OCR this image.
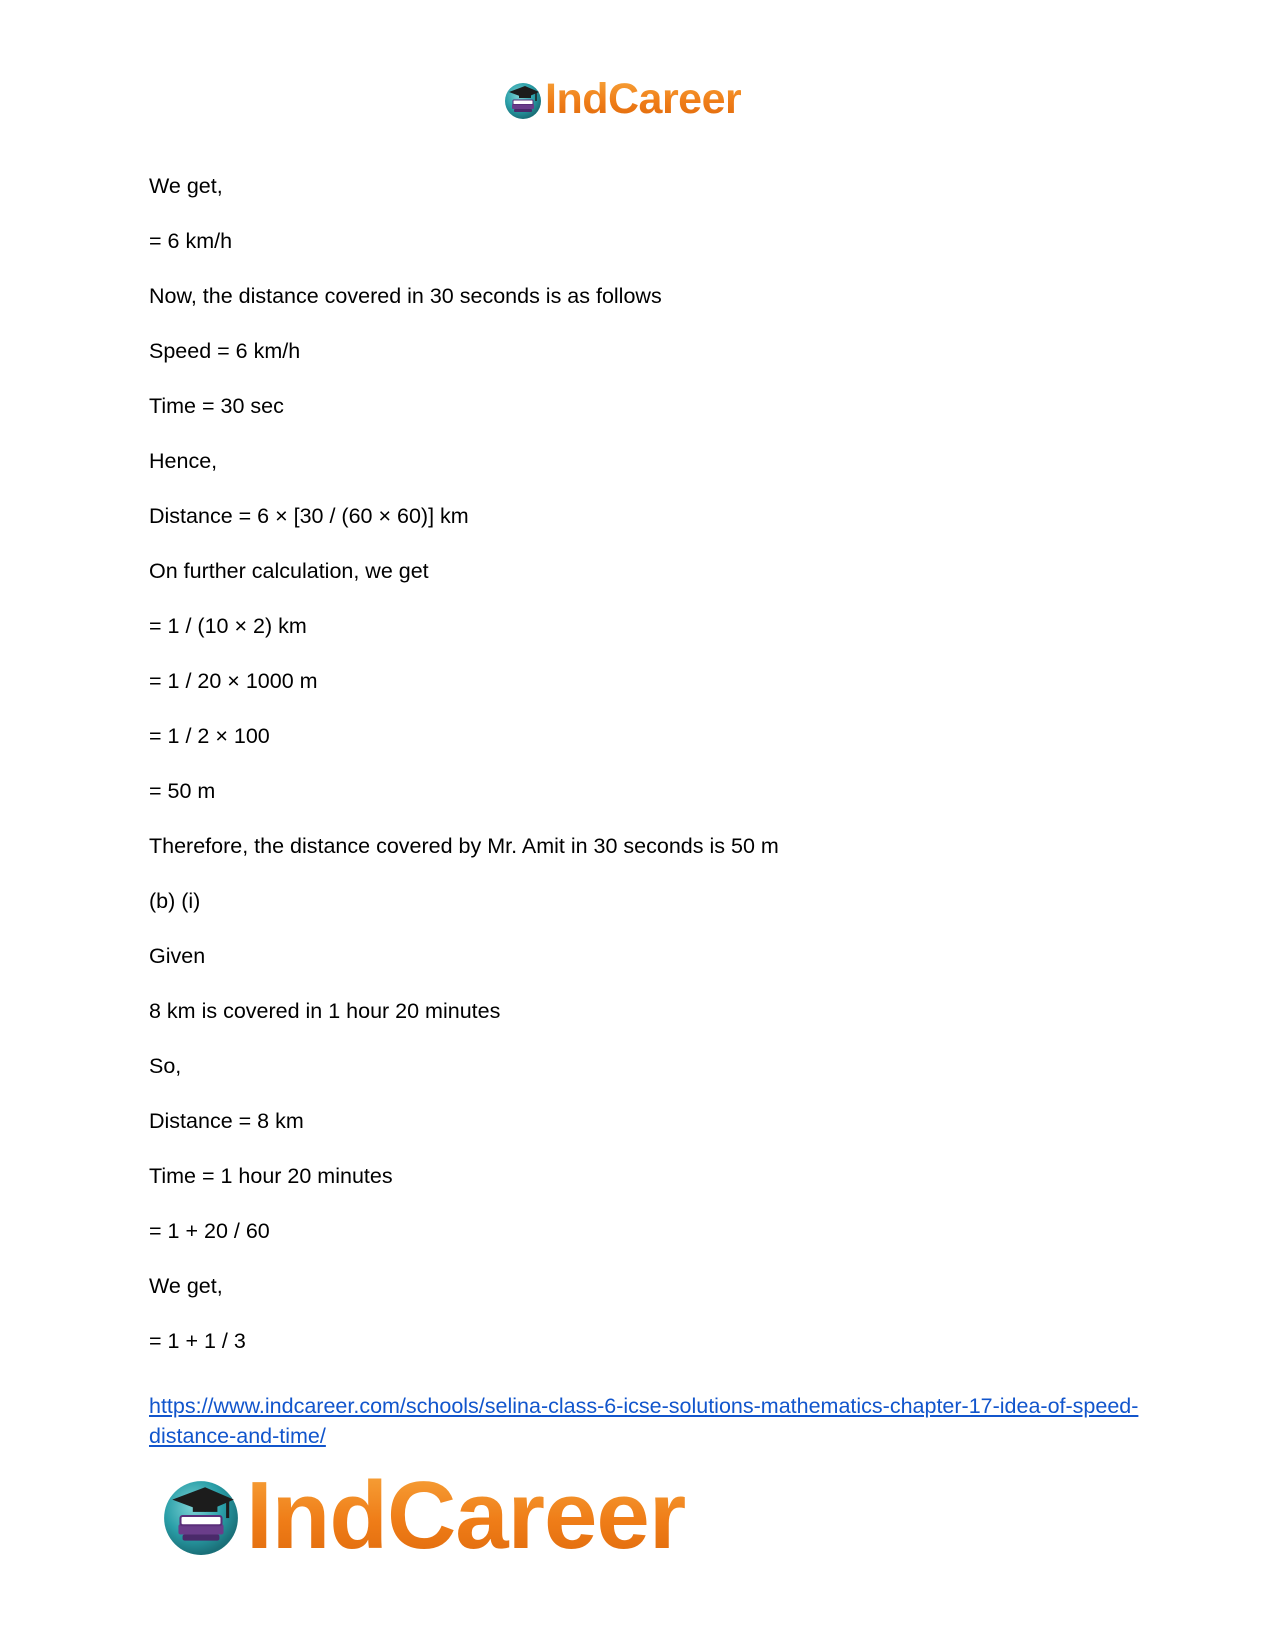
IndCareer
We get,
= 6 km/h
Now, the distance covered in 30 seconds is as follows
Speed = 6 km/h
Time = 30 sec
Hence,
Distance = 6 × [30 / (60 × 60)] km
On further calculation, we get
= 1 / (10 × 2) km
= 1 / 20 × 1000 m
= 1 / 2 × 100
= 50 m
Therefore, the distance covered by Mr. Amit in 30 seconds is 50 m
(b) (i)
Given
8 km is covered in 1 hour 20 minutes
So,
Distance = 8 km
Time = 1 hour 20 minutes
= 1 + 20 / 60
We get,
= 1 + 1 / 3
https://www.indcareer.com/schools/selina-class-6-icse-solutions-mathematics-chapter-17-idea-of-speed-distance-and-time/
IndCareer
